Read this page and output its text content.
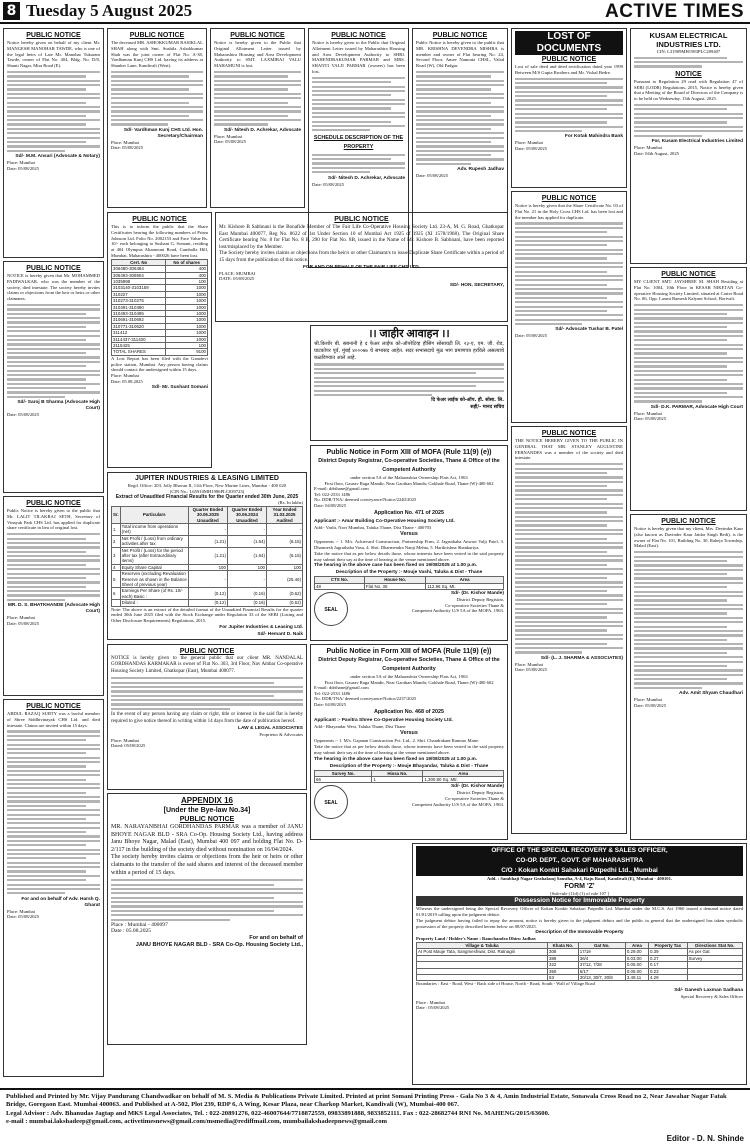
8 Tuesday 5 August 2025	ACTIVE TIMES
PUBLIC NOTICE
Notice hereby given on behalf of my client Mr. MANGESH MANOHAR TAWDE, who is one of the legal heirs of Late Mr. Manohar Tukaram Tawde, owner of Flat No. 404, Bldg. No. D/8, Shanti Nagar, Mira Road (E).
Sd/- M.M. Ansari (Advocate & Notary)
Place: Mumbai
Date: 05/08/2025
PUBLIC NOTICE
NOTICE is hereby given that Mr. MOHAMMED PADIWALKAR, who was the member of the society, died intestate. The society hereby invites claims or objections from the heir or heirs or other claimants.
Sd/- Saroj B Sharma (Advocate High Court)
Date: 05/08/2025
PUBLIC NOTICE
Public Notice is hereby given to the public that Mr. LALIT TILAKRAJ SETH, Secretary of Vinayak Park CHS Ltd. has applied for duplicate share certificate in lieu of original lost.
MR. D. S. BHATKHANDE (Advocate High Court)
Place: Mumbai
Date: 05/08/2025
PUBLIC NOTICE
ABDUL RAZAQ SURTY was a lawful member of Shree Siddhivinayak CHS Ltd. and died intestate. Claims are invited within 15 days.
For and on behalf of Adv. Harsh Q. Gharat
Place: Mumbai
Date: 05/08/2025
PUBLIC NOTICE
The deceased MR. ASHOKKUMAR RASIKLAL SHAH along with Smt. Sushila Ashokkumar Shah was the joint owner of Flat No. A-38, Vardhaman Kunj CHS Ltd. having its address at Shanker Lane, Kandivali (West).
Sd/- Vardhman Kunj CHS Ltd. Hon. Secretary/Chairman
Place: Mumbai
Date: 05/08/2025
PUBLIC NOTICE
Notice is hereby given to the Public that Original Allotment Letter issued by Maharashtra Housing and Area Development Authority to SMT. LAXMIBAI VALU MAHAMUNI is lost.
Sd/- Nitesh D. Achrekar, Advocate
Place: Mumbai
Date: 05/08/2025
PUBLIC NOTICE
Notice is hereby given to the Public that Original Allotment Letter issued by Maharashtra Housing and Area Development Authority to SHRI. MAHENDRAKUMAR PARMAR and MRS. SHANTI VALJI PARMAR (owners) has been lost.
SCHEDULE DESCRIPTION OF THE PROPERTY
Sd/- Nitesh D. Achrekar, Advocate
Date: 05/08/2025
PUBLIC NOTICE
Public Notice is hereby given to the public that MR. KRISHNA DEVENDRA MISHRA is member and owner of Flat bearing No. 24, Second Floor, Amee Namrata CHSL, Valad Road (W), Old Padgar.
Adv. Rupesh Jadhav
Date: 05/08/2025
PUBLIC NOTICE
This is to inform the public that the Share Certificates bearing the following numbers of Prism Johnson Ltd. Folio No. 2002153 and Face Value Rs. 10/- each belonging to Sushant G. Somani, residing at 404 Olympus Altamount Road, Cumballa Hill, Mumbai, Maharashtra - 400026 have been lost.
Cert. No	No of shares
306480-306484	400
306493-308904	400
1035998	100
3103140-3103159	1000
310227	1000
310273-310275	1000
310491-310490	1000
310493-310495	1000
310691-310692	1000
310771-310620	1000
311412	1000
3114437-311400	1000
3115425	100
TOTAL SHARES	9100
A Lost Report has been filed with the Gamdevi police station, Mumbai. Any person having claims should contact the undersigned within 15 days.
Place: Mumbai
Date: 05.08.2025
Sd/- Mr. Sushant Somani
PUBLIC NOTICE
Mr. Kishore B Sabhnani is the Bonafide Member of The Fair Life Co-Operative Housing Society Ltd. 23-A, M. G. Road, Ghatkopar East Mumbai 400077, Reg No. 8622 of 1st Under Section 10 of Mumbai Act 1925 of 1925 (XI 1578/1968). The Original Share Certificate bearing No. 8 for Flat No. 8 B, 290 for Flat No. 8B, issued in the Name of Mr. Kishore B. Sabhnani, have been reported lost/misplaced by the Member.
The Society hereby invites claims or objections from the heir/s or other Claimant/s to issue Duplicate Share Certificate within a period of 15 days from the publication of this notice.
FOR AND ON BEHALF OF THE FAIR LIFE CHS LTD.
PLACE: MUMBAI
DATE: 05/08/2025
SD/- HON. SECRETARY,
JUPITER INDUSTRIES & LEASING LIMITED
Regd. Office: 203, Jolly Bhavan II, 11th Floor, New Marine Lines, Mumbai - 400 020
(CIN No.: L65910MH1986PLC039723)
Extract of Unaudited Financial Results for the Quarter ended 30th June, 2025
(Rs. In lakhs)
Sr.	Particulars	Quarter Ended 30.06.2025 Unaudited	Quarter Ended 30.06.2024 Unaudited	Year Ended 31.03.2025 Audited
1	Total income from operations (net)	-	-	-
2	Net Profit / (Loss) from ordinary activities after tax	(1.21)	(1.64)	(6.15)
3	Net Profit / (Loss) for the period after tax (after Extraordinary items)	(1.21)	(1.64)	(6.15)
4	Equity Share Capital	100	100	100
5	Reserves (excluding Revaluation Reserve as shown in the Balance Sheet of previous year)	-	-	(25.46)
6	Earnings Per Share (of Rs. 10/- each) Basic :	(0.12)	(0.16)	(0.62)
	Diluted :	(0.12)	(0.16)	(0.62)
Note: The above is an extract of the detailed format of the Unaudited Financial Results for the quarter ended 30th June 2025 filed with the Stock Exchange under Regulation 33 of the SEBI (Listing and Other Disclosure Requirements) Regulations, 2015.
For Jupiter Industries & Leasing Ltd.
Sd/- Hemant D. Naik
।। जाहीर आवाहन ।।
श्री.किशोर बी. सबनानी हे द फेअर लाईफ को-ऑपरेटिव्ह हौसिंग सोसायटी लि. २३-ए, एम. जी. रोड, घाटकोपर पूर्व, मुंबई ४०००७७ चे सभासद आहेत. सदर सभासदाचे मूळ भाग प्रमाणपत्र हरविले असल्याचे कळविण्यात आले आहे.
दि फेअर लाईफ को-ऑप. हौ. सोसा. लि.
सही/- मानद सचिव
Public Notice in Form XIII of MOFA (Rule 11(9) (e))
District Deputy Registrar, Co-operative Societies, Thane & Office of the Competent Authority
under section 5A of the Maharashtra Ownership Flats Act, 1963
First floor, Gaurav Raga Mandir, Near Gaothan Mandir, Gokhale Road, Thane (W)-400 602
E-mail: ddrthane@gmail.com
Tel: 022-2533 1486
No. DDR/TNA/ deemed conveyance/Notice/2240/2025
Date: 04/08/2025
Application No. 471 of 2025
Applicant :- Amar Building Co-Operative Housing Society Ltd.
Add:- Vashi, Navi Mumbai, Taluka Thane, Dist Thane - 400703
Versus
Opponents :- 1. M/s. Achievard Construction, Partnership Firm, 2. Jagruthaba Anwari Valji Patel, 3. Dharmesh Jagruthaba Vasu, 4. Shri. Dharmendra Nanji Mehta, 5. Harikrishna Shankariya.
Take the notice that as per below details those, whose interests have been vested in the said property may submit their say at the time of hearing at the venue mentioned above.
The hearing in the above case has been fixed on 19/08/2025 at 1.00 p.m.
Description of the Property :- Mouje Vashi, Taluka & Dist - Thane
CTS No.	House No.	Area
48	Flat No. 35	112.96 Sq. Mt.
SEAL
Sd/- (Dr. Kishor Mande)
District Deputy Registrar,
Co-operative Societies Thane &
Competent Authority U/S 5A of the MOFA, 1963.
PUBLIC NOTICE
NOTICE is hereby given to the general public that our client MR. NANDALAL GORDHANDAS KARMAKAR is owner of Flat No. 303, 3rd Floor, Nav Ambar Co-operative Housing Society Limited, Ghatkopar (East), Mumbai 400077.
In the event of any person having any claim or right, title or interest in the said flat is hereby required to give notice thereof in writing within 14 days from the date of publication hereof.
LAW & LEGAL ASSOCIATES
Proprietor & Advocates
Place: Mumbai
Dated: 05/08/2025
APPENDIX 16
[Under the Bye-law No.34]
PUBLIC NOTICE
MR. NARAYANBHAI GORDHANDAS PARMAR was a member of JANU BHOYE NAGAR BLD - SRA Co-Op. Housing Society Ltd., having address Janu Bhoye Nagar, Malad (East), Mumbai 400 097 and holding Flat No. D-2/117 in the building of the society died without nomination on 16/04/2024.
The society hereby invites claims or objections from the heir or heirs or other claimants to the transfer of the said shares and interest of the deceased member within a period of 15 days.
Place : Mumbai - 400097
Date : 05.08.2025
For and on behalf of
JANU BHOYE NAGAR BLD - SRA Co-Op. Housing Society Ltd.,
Public Notice in Form XIII of MOFA (Rule 11(9) (e))
District Deputy Registrar, Co-operative Societies, Thane & Office of the Competent Authority
under section 5A of the Maharashtra Ownership Flats Act, 1963
First floor, Gaurav Raga Mandir, Near Gaothan Mandir, Gokhale Road, Thane (W)-400 602
E-mail: ddrthane@gmail.com
Tel: 022-2533 1486
No. DDR/TNA/ deemed conveyance/Notice/2237/2025
Date: 04/08/2025
Application No. 468 of 2025
Applicant :- Pavitra Shree Co-Operative Housing Society Ltd.
Add:- Bhayandar West, Taluka Thane, Dist Thane
Versus
Opponents :- 1. M/s. Gajanan Construction Pvt. Ltd., 2. Shri. Chandrakant Ramrao Mane.
Take the notice that as per below details those, whose interests have been vested in the said property may submit their say at the time of hearing at the venue mentioned above.
The hearing in the above case has been fixed on 19/08/2025 at 1.00 p.m.
Description of the Property :- Mouje Bhayandar, Taluka & Dist - Thane
Survey No.	Hissa No.	Area
66	1	1,300.80 Sq. Mtr.
SEAL
Sd/- (Dr. Kishor Mande)
District Deputy Registrar,
Co-operative Societies Thane &
Competent Authority U/S 5A of the MOFA, 1963.
OFFICE OF THE SPECIAL RECOVERY & SALES OFFICER,
CO-OP. DEPT., GOVT. OF MAHARASHTRA
C/O : Kokan Konkti Sahakari Patpedhi Ltd., Mumbai
Add. : Sambhaji Nagar Grahakunj Sanstha, A-4, Raju Road, Kandivali (E), Mumbai - 400101.
FORM 'Z'
[Sub-rule (11d) (1) of rule 107 ]
Possession Notice for Immovable Property
Whereas the undersigned being the Special Recovery Officer of Kokan Konkti Sahakari Patpedhi Ltd. Mumbai under the M.C.S. Act 1960 issued a demand notice dated 01/01/2019 calling upon the judgment debtor.
The judgment debtor having failed to repay the amount, notice is hereby given to the judgment debtor and the public in general that the undersigned has taken symbolic possession of the property described herein below on 08/07/2025.
Description of the Immovable Property
Property Land / Holder's Name : Ramchandra Dhiru Jadhav
Village & Taluka	Khata No.	Gat No.	Area	Property Tax	Directions Stat No.
At Post Mauje Tata, Sangmeshwar, Dist. Ratnagiri	308	17/19	0.29.00	0.39	As per Gat
	389	36/4	0.03.00	0.27	Survey
	322	37/12, 7/28	0.05.00	0.17	
	350	6/17	0.05.00	0.23	
	53	30/13, 30/7, 30/8	3.49.11	4.29	
Boundaries : East - Road, West - Back side of House, North - Road, South - Wall of Village Road
Sd/- Ganesh Laxman Sadhana
Special Recovery & Sales Officer
Place : Mumbai
Date : 05/08/2025
LOST OF DOCUMENTS
PUBLIC NOTICE
Lost of sale deed and deed rectification dated year 1999 Between M/S Gupta Brothers and Mr. Vishal Bedre.
For Kotak Mahindra Bank
Place: Mumbai
Date: 05/08/2025
PUBLIC NOTICE
Notice is hereby given that the Share Certificate No. 03 of Flat No. 21 in the Holy Cross CHS Ltd. has been lost and the member has applied for duplicate.
Sd/- Advocate Tushar B. Patel
Date: 05/08/2025
PUBLIC NOTICE
THE NOTICE HEREBY GIVEN TO THE PUBLIC IN GENERAL THAT MR. STANLEY AUGUSTINE FERNANDES was a member of the society and died intestate.
Sd/- (L. J. SHARMA & ASSOCIATES)
Place: Mumbai
Date: 05/08/2025
KUSAM ELECTRICAL INDUSTRIES LTD.
CIN: L31909MH1983PLC209407
NOTICE
Pursuant to Regulation 29 read with Regulation 47 of SEBI (LODR) Regulations, 2015, Notice is hereby given that a Meeting of the Board of Directors of the Company is to be held on Wednesday, 13th August, 2025.
For, Kusam Electrical Industries Limited
Place: Mumbai
Date: 04th August, 2025
PUBLIC NOTICE
MY CLIENT SMT. JAYSHREE M. SHAH Residing at Flat No. 1004, 10th Floor in KESAR NIKETAN Co-operative Housing Society Limited, situated at Carter Road No. 06, Opp. Laxmi Ramesh Kalyani School, Borivali.
Sd/- D.K. PARMAR, Advocate High Court
Place: Mumbai
Date: 05/08/2025
PUBLIC NOTICE
Notice is hereby given that my client, Mrs. Devindra Kaur (also known as Davinder Kaur Jaidar Singh Bedi), is the owner of Flat No. 101, Building No. 30, Raheja Township, Malad (East).
Adv. Amit Shyam Chaudhari
Place: Mumbai
Date: 05/08/2025
Published and Printed by Mr. Vijay Pandurang Chandwadkar on behalf of M. S. Media & Publications Private Limited. Printed at print Somani Printing Press - Gala No 3 & 4, Amin Industrial Estate, Sonawala Cross Road no 2, Near Jawahar Nagar Fatak Bridge, Goregaon East. Mumbai 400063. and Published at A-502, Plot 239, RDP 6, A Wing, Kesar Plaza, near Charkop Market, Kandivali (W), Mumbai-400 067.
Legal Advisor : Adv. Bhanudas Jagtap and MKS Legal Associates, Tel. : 022-20891276, 022-46007644/7718872559, 09833891888, 9833852111. Fax : 022-28682744 RNI No. MAHENG/2015/63600.
e-mail : mumbai.lakshadeep@gmail.com, activetimesnews@gmail.com/msmedia@rediffmail.com, mumbailakshadeepnews@gmail.com
Editor - D. N. Shinde
